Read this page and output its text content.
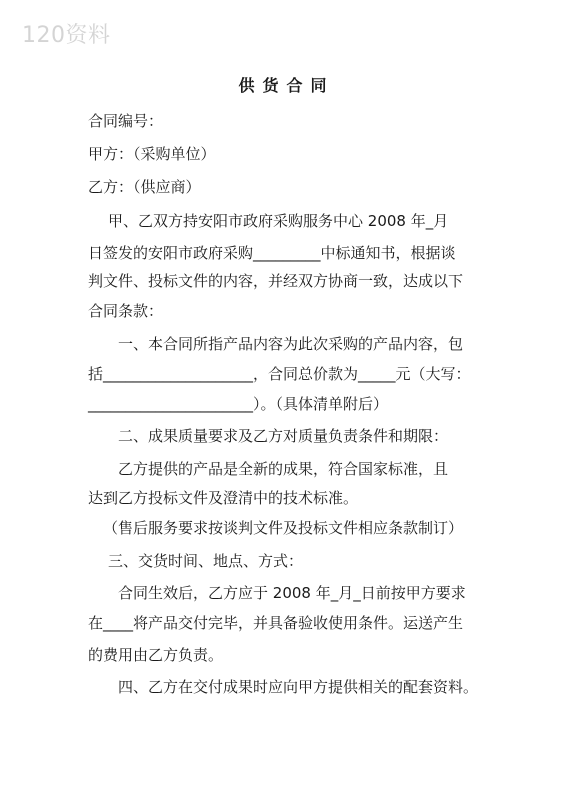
120资料
供货合同
合同编号：
甲方：（采购单位）
乙方：（供应商）
甲、乙双方持安阳市政府采购服务中心 2008 年_月
日签发的安阳市政府采购_________中标通知书，根据谈
判文件、投标文件的内容，并经双方协商一致，达成以下
合同条款：
一、本合同所指产品内容为此次采购的产品内容，包
括____________________，合同总价款为_____元（大写：
______________________）。（具体清单附后）
二、成果质量要求及乙方对质量负责条件和期限：
乙方提供的产品是全新的成果，符合国家标准，且
达到乙方投标文件及澄清中的技术标准。
（售后服务要求按谈判文件及投标文件相应条款制订）
三、交货时间、地点、方式：
合同生效后，乙方应于 2008 年_月_日前按甲方要求
在____将产品交付完毕，并具备验收使用条件。运送产生
的费用由乙方负责。
四、乙方在交付成果时应向甲方提供相关的配套资料。
